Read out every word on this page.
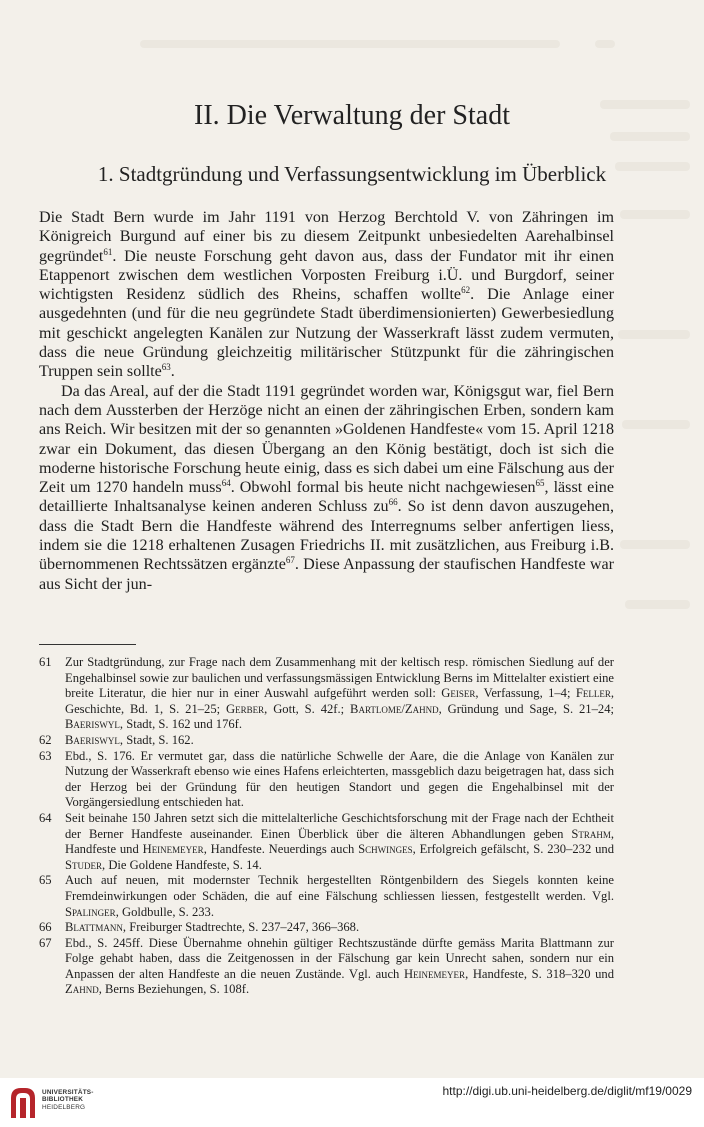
II. Die Verwaltung der Stadt
1. Stadtgründung und Verfassungsentwicklung im Überblick

Die Stadt Bern wurde im Jahr 1191 von Herzog Berchtold V. von Zähringen im Königreich Burgund auf einer bis zu diesem Zeitpunkt unbesiedelten Aarehalbinsel gegründet$^{61}$. Die neuste Forschung geht davon aus, dass der Fundator mit ihr einen Etappenort zwischen dem westlichen Vorposten Freiburg i.Ü. und Burgdorf, seiner wichtigsten Residenz südlich des Rheins, schaffen wollte$^{62}$. Die Anlage einer ausgedehnten (und für die neu gegründete Stadt überdimensionierten) Gewerbesiedlung mit geschickt angelegten Kanälen zur Nutzung der Wasserkraft lässt zudem vermuten, dass die neue Gründung gleichzeitig militärischer Stützpunkt für die zähringischen Truppen sein sollte$^{63}$.

Da das Areal, auf der die Stadt 1191 gegründet worden war, Königsgut war, fiel Bern nach dem Aussterben der Herzöge nicht an einen der zähringischen Erben, sondern kam ans Reich. Wir besitzen mit der so genannten »Goldenen Handfeste« vom 15. April 1218 zwar ein Dokument, das diesen Übergang an den König bestätigt, doch ist sich die moderne historische Forschung heute einig, dass es sich dabei um eine Fälschung aus der Zeit um 1270 handeln muss$^{64}$. Obwohl formal bis heute nicht nachgewiesen$^{65}$, lässt eine detaillierte Inhaltsanalyse keinen anderen Schluss $zu^{66}$. So ist denn davon auszugehen, dass die Stadt Bern die Handfeste während des Interregnums selber anfertigen liess, indem sie die 1218 erhaltenen Zusagen Friedrichs II. mit zusätzlichen, aus Freiburg i.B. übernommenen Rechtssätzen ergänzte$^{67}$. Diese Anpassung der staufischen Handfeste war aus Sicht der jun-

61	Zur Stadtgründung, zur Frage nach dem Zusammenhang mit der keltisch resp. römischen Siedlung auf der Engehalbinsel sowie zur baulichen und verfassungsmässigen Entwicklung Berns im Mittelalter existiert eine breite Literatur, die hier nur in einer Auswahl aufgeführt werden soll: Geiser, Verfassung, 1–4; Feller, Geschichte, Bd. 1, S. 21–25; Gerber, Gott, S. 42f.; Bartlome/Zahnd, Gründung und Sage, S. 21–24; Baeriswyl, Stadt, S. 162 und 176f.
62	Baeriswyl, Stadt, S. 162.
63	Ebd., S. 176. Er vermutet gar, dass die natürliche Schwelle der Aare, die die Anlage von Kanälen zur Nutzung der Wasserkraft ebenso wie eines Hafens erleichterten, massgeblich dazu beigetragen hat, dass sich der Herzog bei der Gründung für den heutigen Standort und gegen die Engehalbinsel mit der Vorgängersiedlung entschieden hat.
64	Seit beinahe 150 Jahren setzt sich die mittelalterliche Geschichtsforschung mit der Frage nach der Echtheit der Berner Handfeste auseinander. Einen Überblick über die älteren Abhandlungen geben Strahm, Handfeste und Heinemeyer, Handfeste. Neuerdings auch Schwinges, Erfolgreich gefälscht, S. 230–232 und Studer, Die Goldene Handfeste, S. 14.
65	Auch auf neuen, mit modernster Technik hergestellten Röntgenbildern des Siegels konnten keine Fremdeinwirkungen oder Schäden, die auf eine Fälschung schliessen liessen, festgestellt werden. Vgl. Spalinger, Goldbulle, S. 233.
66	Blattmann, Freiburger Stadtrechte, S. 237–247, 366–368.
67	Ebd., S. 245ff. Diese Übernahme ohnehin gültiger Rechtszustände dürfte gemäss Marita Blattmann zur Folge gehabt haben, dass die Zeitgenossen in der Fälschung gar kein Unrecht sahen, sondern nur ein Anpassen der alten Handfeste an die neuen Zustände. Vgl. auch Heinemeyer, Handfeste, S. 318–320 und Zahnd, Berns Beziehungen, S. 108f.
UNIVERSITÄTS-
BIBLIOTHEK
HEIDELBERG
http://digi.ub.uni-heidelberg.de/diglit/mf19/0029
